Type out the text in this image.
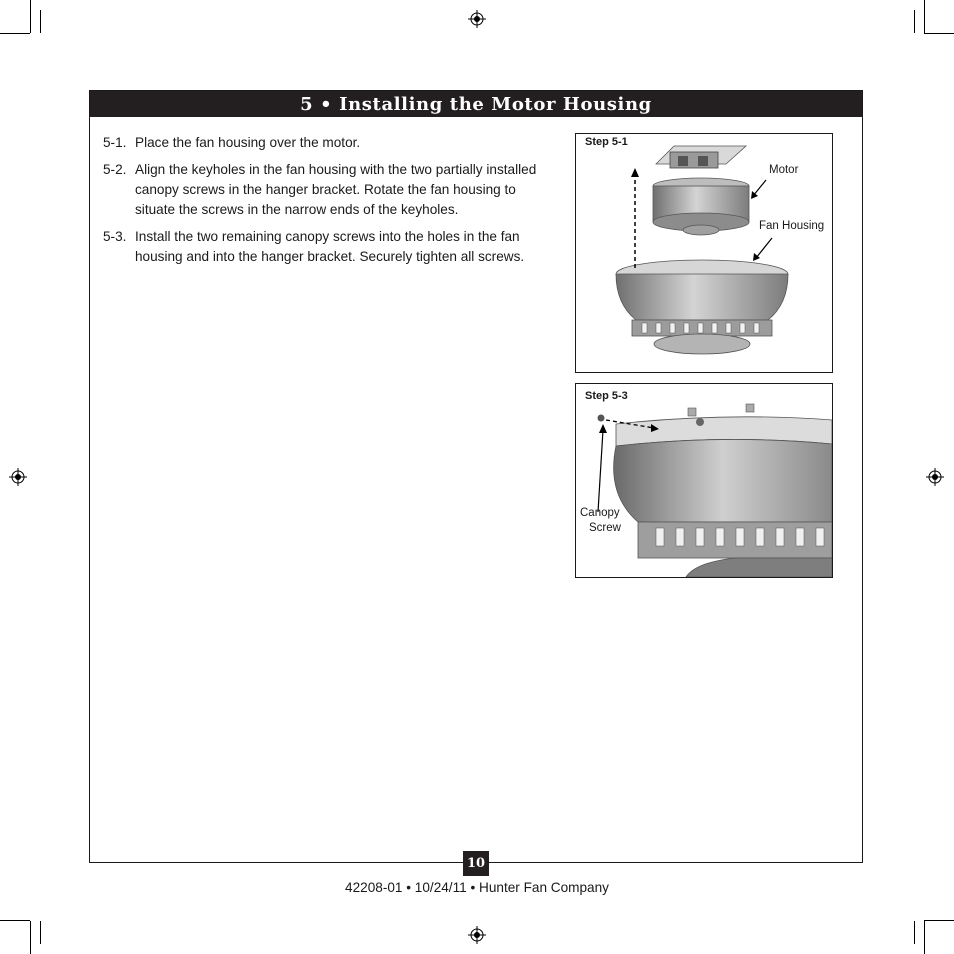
5 • Installing the Motor Housing
5-1. Place the fan housing over the motor.
5-2. Align the keyholes in the fan housing with the two partially installed canopy screws in the hanger bracket. Rotate the fan housing to situate the screws in the narrow ends of the keyholes.
5-3. Install the two remaining canopy screws into the holes in the fan housing and into the hanger bracket. Securely tighten all screws.
Step 5-1
Motor
Fan Housing
Step 5-3
Canopy
Screw
10
42208-01 • 10/24/11 • Hunter Fan Company
